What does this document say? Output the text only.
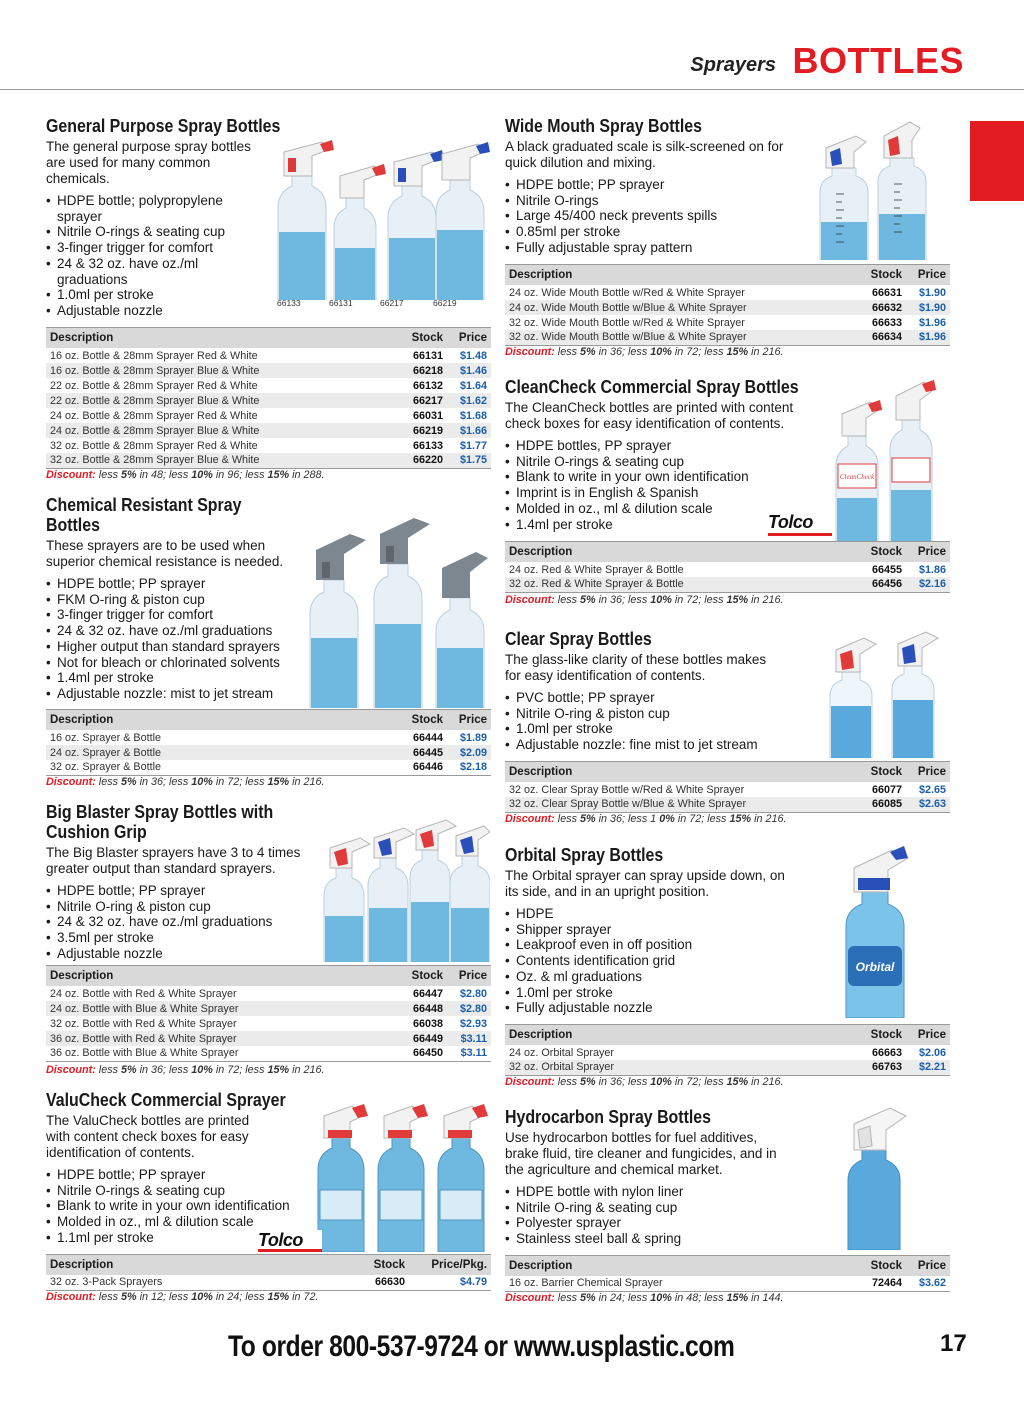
Sprayers BOTTLES
General Purpose Spray Bottles

The general purpose spray bottles are used for many common chemicals.

• HDPE bottle; polypropylene sprayer
• Nitrile O-rings & seating cup
• 3-finger trigger for comfort
• 24 & 32 oz. have oz./ml graduations
• 1.0ml per stroke
• Adjustable nozzle	66133	66131	66217	66219
Description	Stock	Price
16 oz. Bottle & 28mm Sprayer Red & White	66131	$1.48
16 oz. Bottle & 28mm Sprayer Blue & White	66218	$1.46
22 oz. Bottle & 28mm Sprayer Red & White	66132	$1.64
22 oz. Bottle & 28mm Sprayer Blue & White	66217	$1.62
24 oz. Bottle & 28mm Sprayer Red & White	66031	$1.68
24 oz. Bottle & 28mm Sprayer Blue & White	66219	$1.66
32 oz. Bottle & 28mm Sprayer Red & White	66133	$1.77
32 oz. Bottle & 28mm Sprayer Blue & White	66220	$1.75
Discount: less 5% in 48; less 10% in 96; less 15% in 288.
Chemical Resistant Spray Bottles

These sprayers are to be used when superior chemical resistance is needed.

• HDPE bottle; PP sprayer
• FKM O-ring & piston cup
• 3-finger trigger for comfort
• 24 & 32 oz. have oz./ml graduations
• Higher output than standard sprayers
• Not for bleach or chlorinated solvents
• 1.4ml per stroke
• Adjustable nozzle: mist to jet stream
Description	Stock	Price
16 oz. Sprayer & Bottle	66444	$1.89
24 oz. Sprayer & Bottle	66445	$2.09
32 oz. Sprayer & Bottle	66446	$2.18
Discount: less 5% in 36; less 10% in 72; less 15% in 216.
Big Blaster Spray Bottles with Cushion Grip

The Big Blaster sprayers have 3 to 4 times greater output than standard sprayers.

• HDPE bottle; PP sprayer
• Nitrile O-ring & piston cup
• 24 & 32 oz. have oz./ml graduations
• 3.5ml per stroke
• Adjustable nozzle
Description	Stock	Price
24 oz. Bottle with Red & White Sprayer	66447	$2.80
24 oz. Bottle with Blue & White Sprayer	66448	$2.80
32 oz. Bottle with Red & White Sprayer	66038	$2.93
36 oz. Bottle with Red & White Sprayer	66449	$3.11
36 oz. Bottle with Blue & White Sprayer	66450	$3.11
Discount: less 5% in 36; less 10% in 72; less 15% in 216.
ValuCheck Commercial Sprayer

The ValuCheck bottles are printed with content check boxes for easy identification of contents.

• HDPE bottle; PP sprayer
• Nitrile O-rings & seating cup
• Blank to write in your own identification
• Molded in oz., ml & dilution scale
• 1.1ml per stroke	Tolco
Description	Stock	Price/Pkg.
32 oz. 3-Pack Sprayers	66630	$4.79
Discount: less 5% in 12; less 10% in 24; less 15% in 72.
Wide Mouth Spray Bottles

A black graduated scale is silk-screened on for quick dilution and mixing.

• HDPE bottle; PP sprayer
• Nitrile O-rings
• Large 45/400 neck prevents spills
• 0.85ml per stroke
• Fully adjustable spray pattern
Description	Stock	Price
24 oz. Wide Mouth Bottle w/Red & White Sprayer	66631	$1.90
24 oz. Wide Mouth Bottle w/Blue & White Sprayer	66632	$1.90
32 oz. Wide Mouth Bottle w/Red & White Sprayer	66633	$1.96
32 oz. Wide Mouth Bottle w/Blue & White Sprayer	66634	$1.96
Discount: less 5% in 36; less 10% in 72; less 15% in 216.
CleanCheck Commercial Spray Bottles

The CleanCheck bottles are printed with content check boxes for easy identification of contents.

• HDPE bottles, PP sprayer
• Nitrile O-rings & seating cup
• Blank to write in your own identification
• Imprint is in English & Spanish
• Molded in oz., ml & dilution scale
• 1.4ml per stroke
CleanCheck
Tolco
Description	Stock	Price
24 oz. Red & White Sprayer & Bottle	66455	$1.86
32 oz. Red & White Sprayer & Bottle	66456	$2.16
Discount: less 5% in 36; less 10% in 72; less 15% in 216.
Clear Spray Bottles

The glass-like clarity of these bottles makes for easy identification of contents.

• PVC bottle; PP sprayer
• Nitrile O-ring & piston cup
• 1.0ml per stroke
• Adjustable nozzle: fine mist to jet stream
Description	Stock	Price
32 oz. Clear Spray Bottle w/Red & White Sprayer	66077	$2.65
32 oz. Clear Spray Bottle w/Blue & White Sprayer	66085	$2.63
Discount: less 5% in 36; less 1 0% in 72; less 15% in 216.
Orbital Spray Bottles

The Orbital sprayer can spray upside down, on its side, and in an upright position.

• HDPE
• Shipper sprayer
• Leakproof even in off position
• Contents identification grid
• Oz. & ml graduations
• 1.0ml per stroke
• Fully adjustable nozzle
Orbital
Description	Stock	Price
24 oz. Orbital Sprayer	66663	$2.06
32 oz. Orbital Sprayer	66763	$2.21
Discount: less 5% in 36; less 10% in 72; less 15% in 216.
Hydrocarbon Spray Bottles

Use hydrocarbon bottles for fuel additives, brake fluid, tire cleaner and fungicides, and in the agriculture and chemical market.

• HDPE bottle with nylon liner
• Nitrile O-ring & seating cup
• Polyester sprayer
• Stainless steel ball & spring
Description	Stock	Price
16 oz. Barrier Chemical Sprayer	72464	$3.62
Discount: less 5% in 24; less 10% in 48; less 15% in 144.
To order 800-537-9724 or www.usplastic.com	17
